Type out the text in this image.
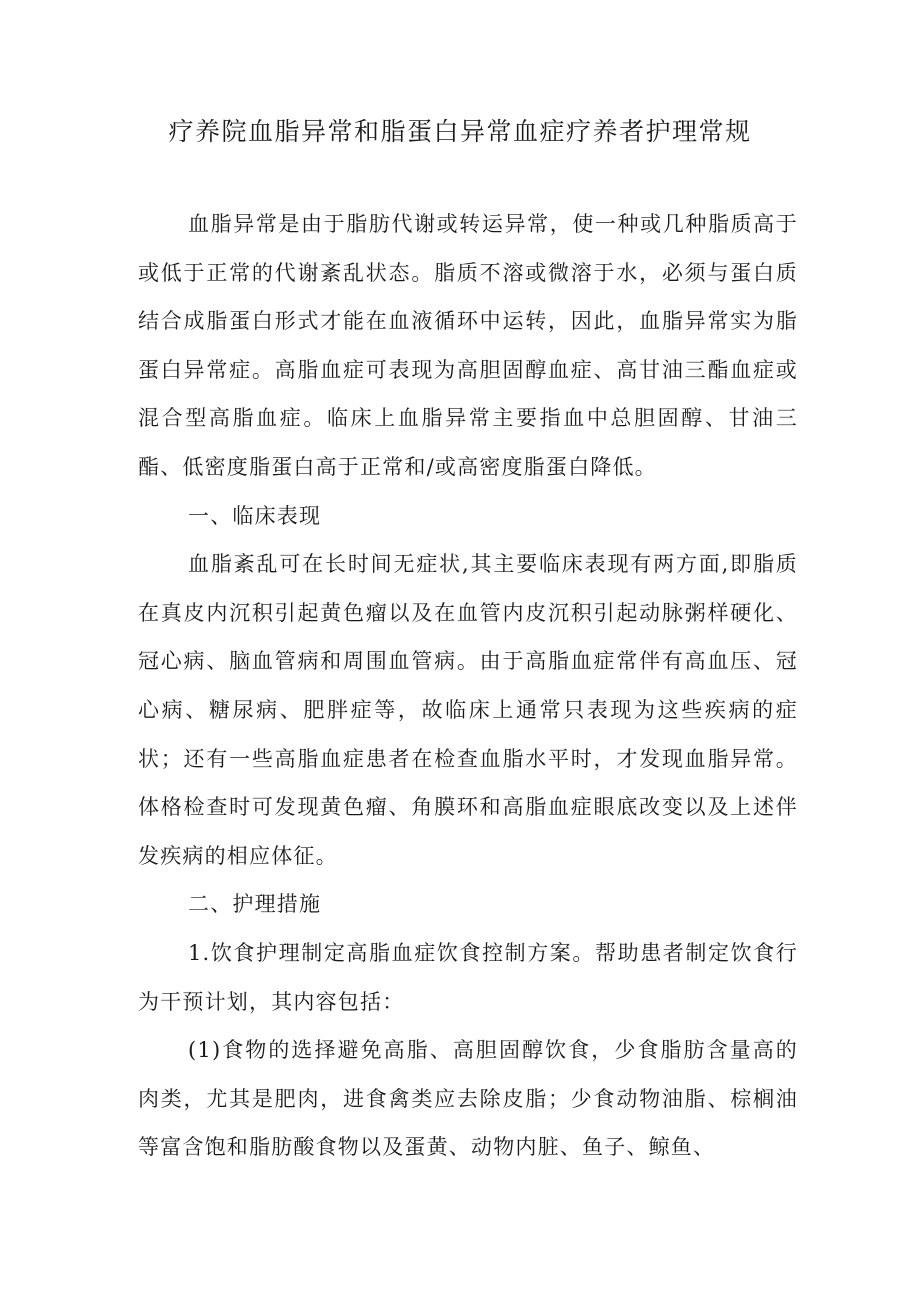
疗养院血脂异常和脂蛋白异常血症疗养者护理常规

血脂异常是由于脂肪代谢或转运异常，使一种或几种脂质高于或低于正常的代谢紊乱状态。脂质不溶或微溶于水，必须与蛋白质结合成脂蛋白形式才能在血液循环中运转，因此，血脂异常实为脂蛋白异常症。高脂血症可表现为高胆固醇血症、高甘油三酯血症或混合型高脂血症。临床上血脂异常主要指血中总胆固醇、甘油三酯、低密度脂蛋白高于正常和/或高密度脂蛋白降低。

一、临床表现

血脂紊乱可在长时间无症状,其主要临床表现有两方面,即脂质在真皮内沉积引起黄色瘤以及在血管内皮沉积引起动脉粥样硬化、冠心病、脑血管病和周围血管病。由于高脂血症常伴有高血压、冠心病、糖尿病、肥胖症等，故临床上通常只表现为这些疾病的症状；还有一些高脂血症患者在检查血脂水平时，才发现血脂异常。体格检查时可发现黄色瘤、角膜环和高脂血症眼底改变以及上述伴发疾病的相应体征。

二、护理措施

1.饮食护理制定高脂血症饮食控制方案。帮助患者制定饮食行为干预计划，其内容包括：

(1)食物的选择避免高脂、高胆固醇饮食，少食脂肪含量高的肉类，尤其是肥肉，进食禽类应去除皮脂；少食动物油脂、棕榈油等富含饱和脂肪酸食物以及蛋黄、动物内脏、鱼子、鲸鱼、
